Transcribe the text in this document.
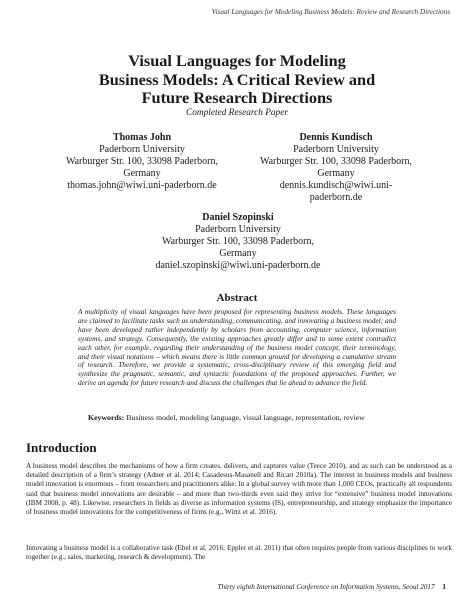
Visual Languages for Modeling Business Models: Review and Research Directions
Visual Languages for Modeling
Business Models: A Critical Review and
Future Research Directions
Completed Research Paper
Thomas John
Paderborn University
Warburger Str. 100, 33098 Paderborn,
Germany
thomas.john@wiwi.uni-paderborn.de
Dennis Kundisch
Paderborn University
Warburger Str. 100, 33098 Paderborn,
Germany
dennis.kundisch@wiwi.uni-
paderborn.de
Daniel Szopinski
Paderborn University
Warburger Str. 100, 33098 Paderborn,
Germany
daniel.szopinski@wiwi.uni-paderborn.de
Abstract
A multiplicity of visual languages have been proposed for representing business models. These languages are claimed to facilitate tasks such as understanding, communicating, and innovating a business model; and have been developed rather independently by scholars from accounting, computer science, information systems, and strategy. Consequently, the existing approaches greatly differ and to some extent contradict each other, for example, regarding their understanding of the business model concept, their terminology, and their visual notations – which means there is little common ground for developing a cumulative stream of research. Therefore, we provide a systematic, cross-disciplinary review of this emerging field and synthesize the pragmatic, semantic, and syntactic foundations of the proposed approaches. Further, we derive an agenda for future research and discuss the challenges that lie ahead to advance the field.
Keywords: Business model, modeling language, visual language, representation, review
Introduction
A business model describes the mechanisms of how a firm creates, delivers, and captures value (Teece 2010), and as such can be understood as a detailed description of a firm’s strategy (Adner et al. 2014; Casadesus-Masanell and Ricart 2010a). The interest in business models and business model innovation is enormous – from researchers and practitioners alike: In a global survey with more than 1,000 CEOs, practically all respondents said that business model innovations are desirable – and more than two-thirds even said they strive for “extensive” business model innovations (IBM 2008, p. 48). Likewise, researchers in fields as diverse as information systems (IS), entrepreneurship, and strategy emphasize the importance of business model innovations for the competitiveness of firms (e.g., Wirtz et al. 2016).
Innovating a business model is a collaborative task (Ebel et al. 2016; Eppler et al. 2011) that often requires people from various disciplines to work together (e.g., sales, marketing, research & development). The
Thirty eighth International Conference on Information Systems, Seoul 2017 1
